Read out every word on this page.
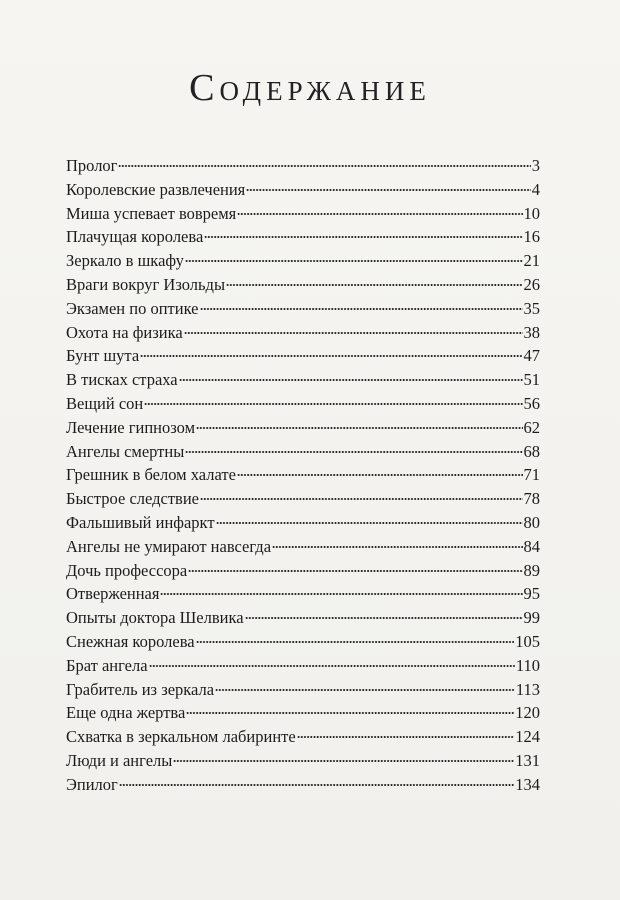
Содержание
Пролог	3
Королевские развлечения	4
Миша успевает вовремя	10
Плачущая королева	16
Зеркало в шкафу	21
Враги вокруг Изольды	26
Экзамен по оптике	35
Охота на физика	38
Бунт шута	47
В тисках страха	51
Вещий сон	56
Лечение гипнозом	62
Ангелы смертны	68
Грешник в белом халате	71
Быстрое следствие	78
Фальшивый инфаркт	80
Ангелы не умирают навсегда	84
Дочь профессора	89
Отверженная	95
Опыты доктора Шелвика	99
Снежная королева	105
Брат ангела	110
Грабитель из зеркала	113
Еще одна жертва	120
Схватка в зеркальном лабиринте	124
Люди и ангелы	131
Эпилог	134
